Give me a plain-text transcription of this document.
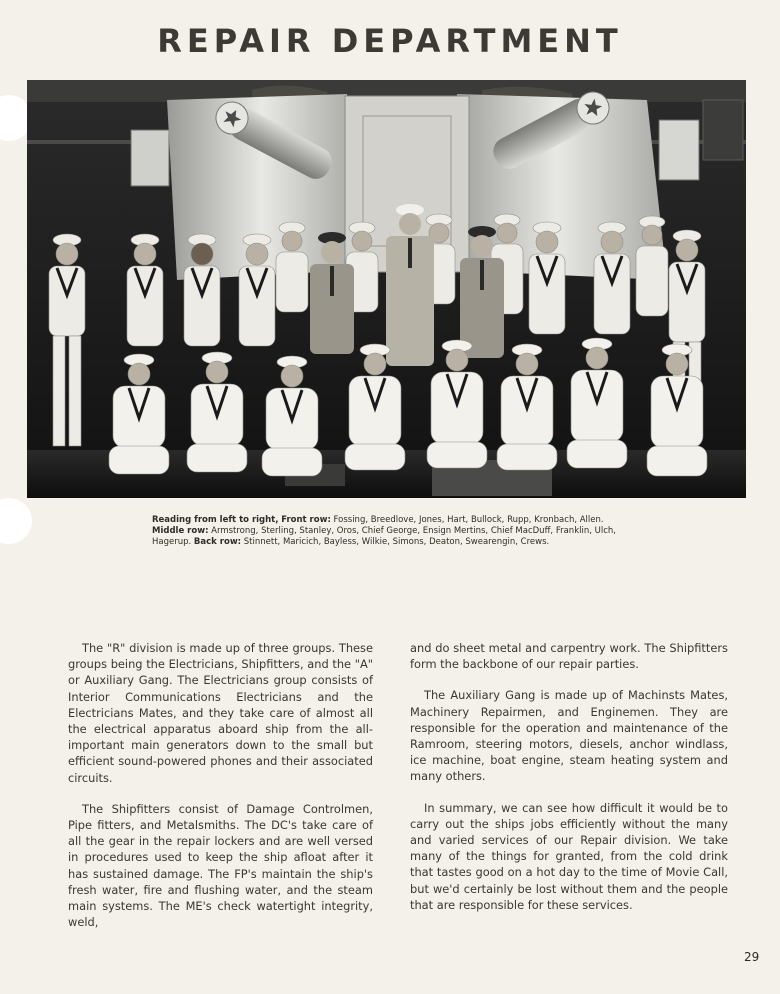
REPAIR DEPARTMENT
Reading from left to right, Front row: Fossing, Breedlove, Jones, Hart, Bullock, Rupp, Kronbach, Allen. Middle row: Armstrong, Sterling, Stanley, Oros, Chief George, Ensign Mertins, Chief MacDuff, Franklin, Ulch, Hagerup. Back row: Stinnett, Maricich, Bayless, Wilkie, Simons, Deaton, Swearengin, Crews.

The "R" division is made up of three groups. These groups being the Electricians, Shipfitters, and the "A" or Auxiliary Gang. The Electricians group consists of Interior Communications Electricians and the Electricians Mates, and they take care of almost all the electrical apparatus aboard ship from the all-important main generators down to the small but efficient sound-powered phones and their associated circuits.

The Shipfitters consist of Damage Controlmen, Pipe fitters, and Metalsmiths. The DC's take care of all the gear in the repair lockers and are well versed in procedures used to keep the ship afloat after it has sustained damage. The FP's maintain the ship's fresh water, fire and flushing water, and the steam main systems. The ME's check watertight integrity, weld,

and do sheet metal and carpentry work. The Shipfitters form the backbone of our repair parties.

The Auxiliary Gang is made up of Machinsts Mates, Machinery Repairmen, and Enginemen. They are responsible for the operation and maintenance of the Ramroom, steering motors, diesels, anchor windlass, ice machine, boat engine, steam heating system and many others.

In summary, we can see how difficult it would be to carry out the ships jobs efficiently without the many and varied services of our Repair division. We take many of the things for granted, from the cold drink that tastes good on a hot day to the time of Movie Call, but we'd certainly be lost without them and the people that are responsible for these services.

29
